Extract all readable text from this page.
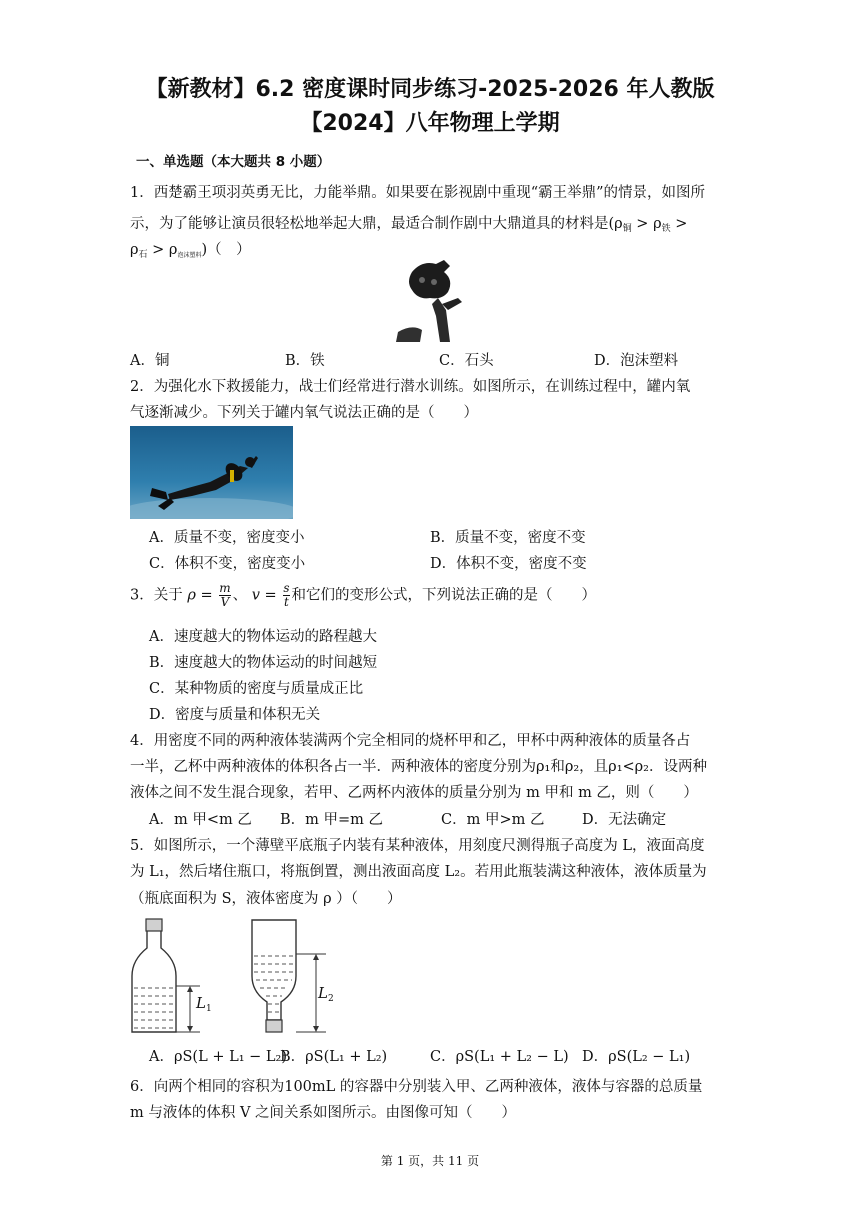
【新教材】6.2 密度课时同步练习-2025-2026 年人教版
【2024】八年物理上学期
一、单选题（本大题共 8 小题）
1．西楚霸王项羽英勇无比，力能举鼎。如果要在影视剧中重现“霸王举鼎”的情景，如图所
示，为了能够让演员很轻松地举起大鼎，最适合制作剧中大鼎道具的材料是($\rho_铜 > \rho_铁$ >
$\rho_石 > \rho_{泡沫塑料}$)（　）
A．铜	B．铁	C．石头	D．泡沫塑料
2．为强化水下救援能力，战士们经常进行潜水训练。如图所示，在训练过程中，罐内氧
气逐渐减少。下列关于罐内氧气说法正确的是（　　）
A．质量不变，密度变小	B．质量不变，密度不变
C．体积不变，密度变小	D．体积不变，密度不变
3．关于 $\rho = \frac{m}{V}$ 、 $v = \frac{s}{t}$ 和它们的变形公式，下列说法正确的是（　　）
A．速度越大的物体运动的路程越大
B．速度越大的物体运动的时间越短
C．某种物质的密度与质量成正比
D．密度与质量和体积无关
4．用密度不同的两种液体装满两个完全相同的烧杯甲和乙，甲杯中两种液体的质量各占
一半，乙杯中两种液体的体积各占一半．两种液体的密度分别为ρ₁和ρ₂，且ρ₁<ρ₂．设两种
液体之间不发生混合现象，若甲、乙两杯内液体的质量分别为 m 甲和 m 乙，则（　　）
A．m 甲<m 乙 B．m 甲=m 乙	C．m 甲>m 乙	D．无法确定
5．如图所示，一个薄壁平底瓶子内装有某种液体，用刻度尺测得瓶子高度为 L，液面高度
为 L₁，然后堵住瓶口，将瓶倒置，测出液面高度 L₂。若用此瓶装满这种液体，液体质量为
（瓶底面积为 S，液体密度为 ρ ）（　　）
$L_1$
$L_2$
A．ρS(L + L₁ − L₂)
B．ρS(L₁ + L₂)	C．ρS(L₁ + L₂ − L) D．ρS(L₂ − L₁)
6．向两个相同的容积为100mL 的容器中分别装入甲、乙两种液体，液体与容器的总质量
m 与液体的体积 V 之间关系如图所示。由图像可知（　　）
第 1 页，共 11 页
